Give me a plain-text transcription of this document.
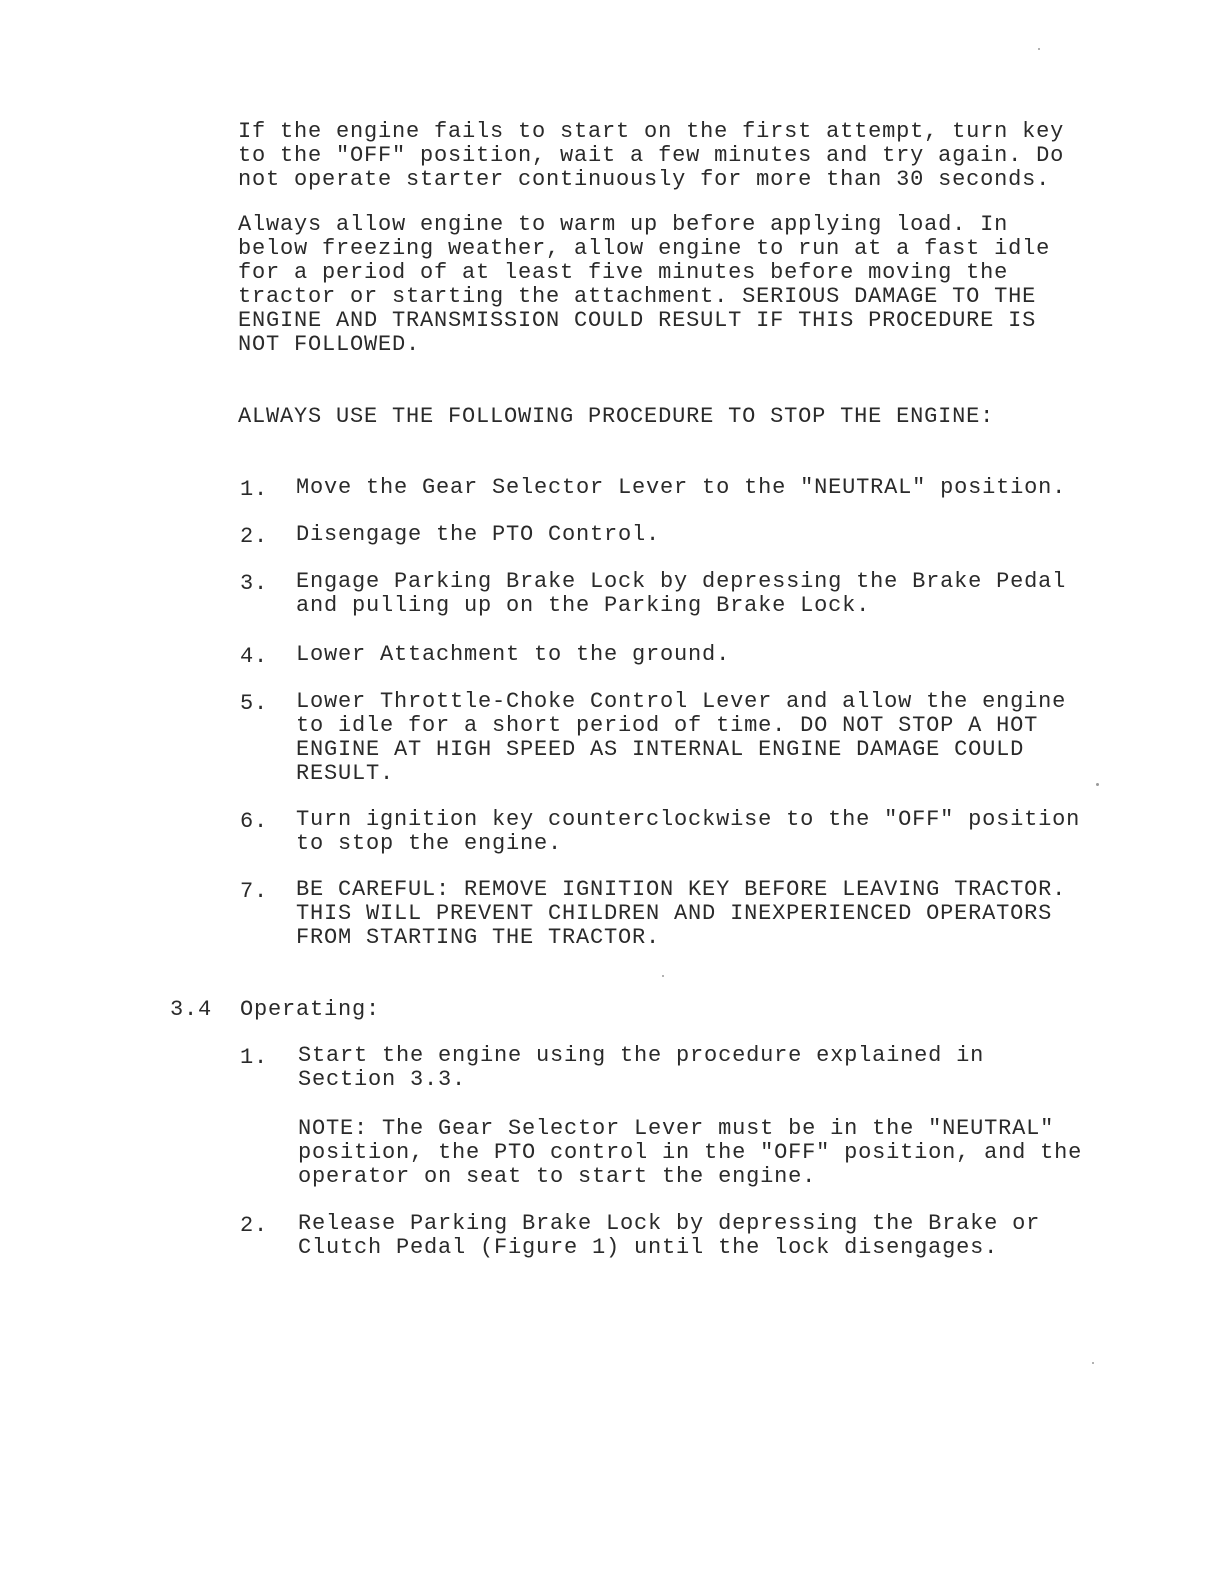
If the engine fails to start on the first attempt, turn key
to the "OFF" position, wait a few minutes and try again. Do
not operate starter continuously for more than 30 seconds.
Always allow engine to warm up before applying load. In
below freezing weather, allow engine to run at a fast idle
for a period of at least five minutes before moving the
tractor or starting the attachment. SERIOUS DAMAGE TO THE
ENGINE AND TRANSMISSION COULD RESULT IF THIS PROCEDURE IS
NOT FOLLOWED.
ALWAYS USE THE FOLLOWING PROCEDURE TO STOP THE ENGINE:
1. Move the Gear Selector Lever to the "NEUTRAL" position.
2. Disengage the PTO Control.
3. Engage Parking Brake Lock by depressing the Brake Pedal
and pulling up on the Parking Brake Lock.
4. Lower Attachment to the ground.
5. Lower Throttle-Choke Control Lever and allow the engine
to idle for a short period of time. DO NOT STOP A HOT
ENGINE AT HIGH SPEED AS INTERNAL ENGINE DAMAGE COULD
RESULT.
6. Turn ignition key counterclockwise to the "OFF" position
to stop the engine.
7. BE CAREFUL: REMOVE IGNITION KEY BEFORE LEAVING TRACTOR.
THIS WILL PREVENT CHILDREN AND INEXPERIENCED OPERATORS
FROM STARTING THE TRACTOR.
3.4 Operating:
1. Start the engine using the procedure explained in
Section 3.3.
NOTE: The Gear Selector Lever must be in the "NEUTRAL"
position, the PTO control in the "OFF" position, and the
operator on seat to start the engine.
2. Release Parking Brake Lock by depressing the Brake or
Clutch Pedal (Figure 1) until the lock disengages.
